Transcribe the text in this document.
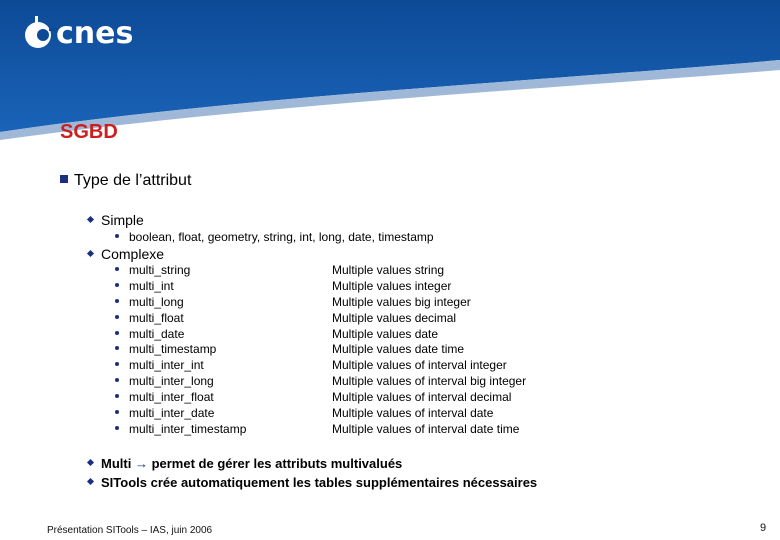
cnes
SGBD
Type de l’attribut
Simple
boolean, float, geometry, string, int, long, date, timestamp
Complexe
multi_string	Multiple values string
multi_int	Multiple values integer
multi_long	Multiple values big integer
multi_float	Multiple values decimal
multi_date	Multiple values date
multi_timestamp	Multiple values date time
multi_inter_int	Multiple values of interval integer
multi_inter_long	Multiple values of interval big integer
multi_inter_float	Multiple values of interval decimal
multi_inter_date	Multiple values of interval date
multi_inter_timestamp	Multiple values of interval date time
Multi → permet de gérer les attributs multivalués
SITools crée automatiquement les tables supplémentaires nécessaires
Présentation SITools – IAS, juin 2006	9
